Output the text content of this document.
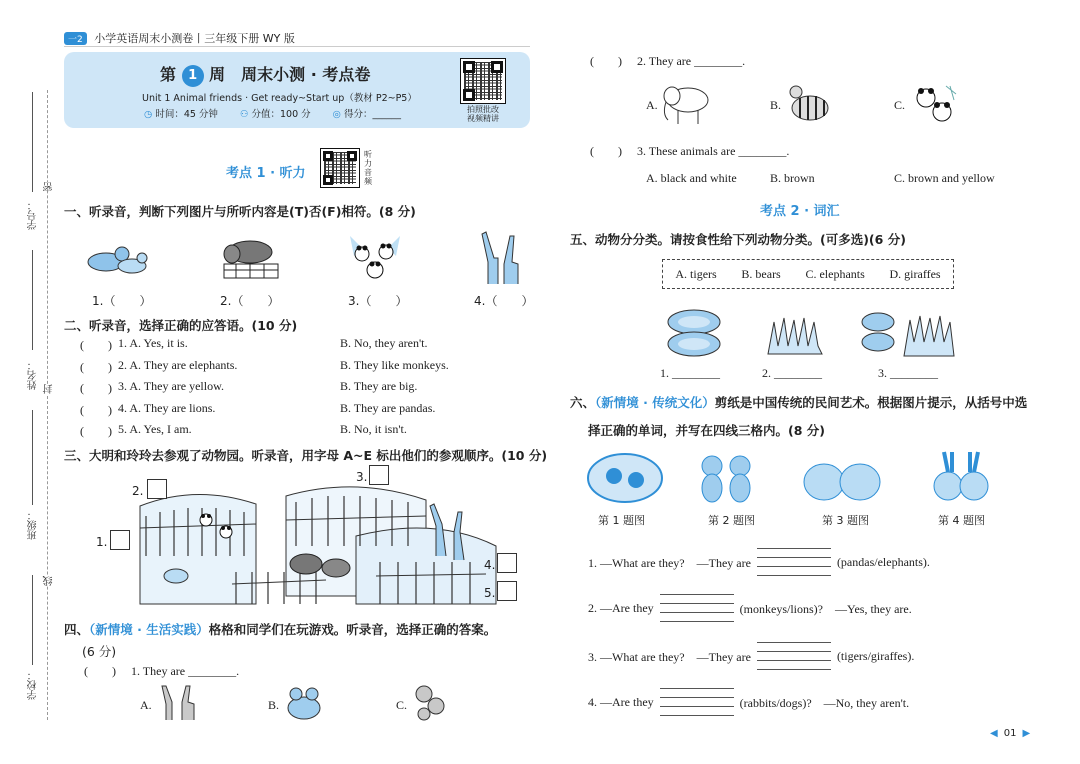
一2 小学英语周末小测卷丨三年级下册 WY 版
学号：
姓名：
班级：
学校：
密
封
线
第 1 周　周末小测 · 考点卷
Unit 1 Animal friends · Get ready~Start up（教材 P2~P5）
◷ 时间：45 分钟 ⚇ 分值：100 分 ◎ 得分：______	拍照批改
视频精讲
考点 1 · 听力
听力音频
一、听录音，判断下列图片与所听内容是(T)否(F)相符。(8 分)
1.（　　）	2.（　　）	3.（　　）	4.（　　）
二、听录音，选择正确的应答语。(10 分)
(　　) 1. A. Yes, it is.	B. No, they aren't.
(　　) 2. A. They are elephants.	B. They like monkeys.
(　　) 3. A. They are yellow.	B. They are big.
(　　) 4. A. They are lions.	B. They are pandas.
(　　) 5. A. Yes, I am.	B. No, it isn't.
三、大明和玲玲去参观了动物园。听录音，用字母 A~E 标出他们的参观顺序。(10 分)
2.
3.
1.
4.
5.
四、（新情境 · 生活实践）格格和同学们在玩游戏。听录音，选择正确的答案。
(6 分)
(　　) 1. They are ________.
A.	B.	C.
(　　) 2. They are ________.
A.	B.	C.
(　　) 3. These animals are ________.
A. black and white	B. brown	C. brown and yellow
考点 2 · 词汇
五、动物分分类。请按食性给下列动物分类。(可多选)(6 分)
A. tigers B. bears C. elephants D. giraffes
1. ________	2. ________	3. ________
六、（新情境 · 传统文化）剪纸是中国传统的民间艺术。根据图片提示，从括号中选
择正确的单词，并写在四线三格内。(8 分)
第 1 题图	第 2 题图	第 3 题图	第 4 题图
1. —What are they?　—They are	(pandas/elephants).
2. —Are they	(monkeys/lions)?　—Yes, they are.
3. —What are they?　—They are	(tigers/giraffes).
4. —Are they	(rabbits/dogs)?　—No, they aren't.
◀ 01 ▶
